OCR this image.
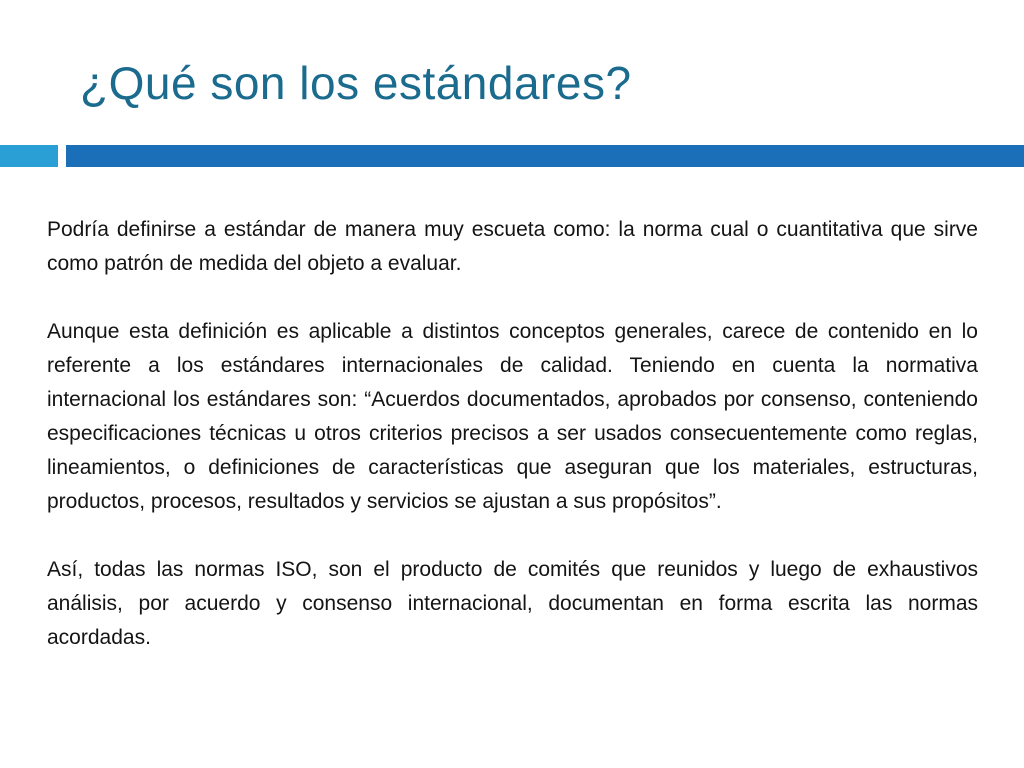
¿Qué son los estándares?

Podría definirse a estándar de manera muy escueta como: la norma cual o cuantitativa que sirve como patrón de medida del objeto a evaluar.

Aunque esta definición es aplicable a distintos conceptos generales, carece de contenido en lo referente a los estándares internacionales de calidad. Teniendo en cuenta la normativa internacional los estándares son: “Acuerdos documentados, aprobados por consenso, conteniendo especificaciones técnicas u otros criterios precisos a ser usados consecuentemente como reglas, lineamientos, o definiciones de características que aseguran que los materiales, estructuras, productos, procesos, resultados y servicios se ajustan a sus propósitos”.

Así, todas las normas ISO, son el producto de comités que reunidos y luego de exhaustivos análisis, por acuerdo y consenso internacional, documentan en forma escrita las normas acordadas.
